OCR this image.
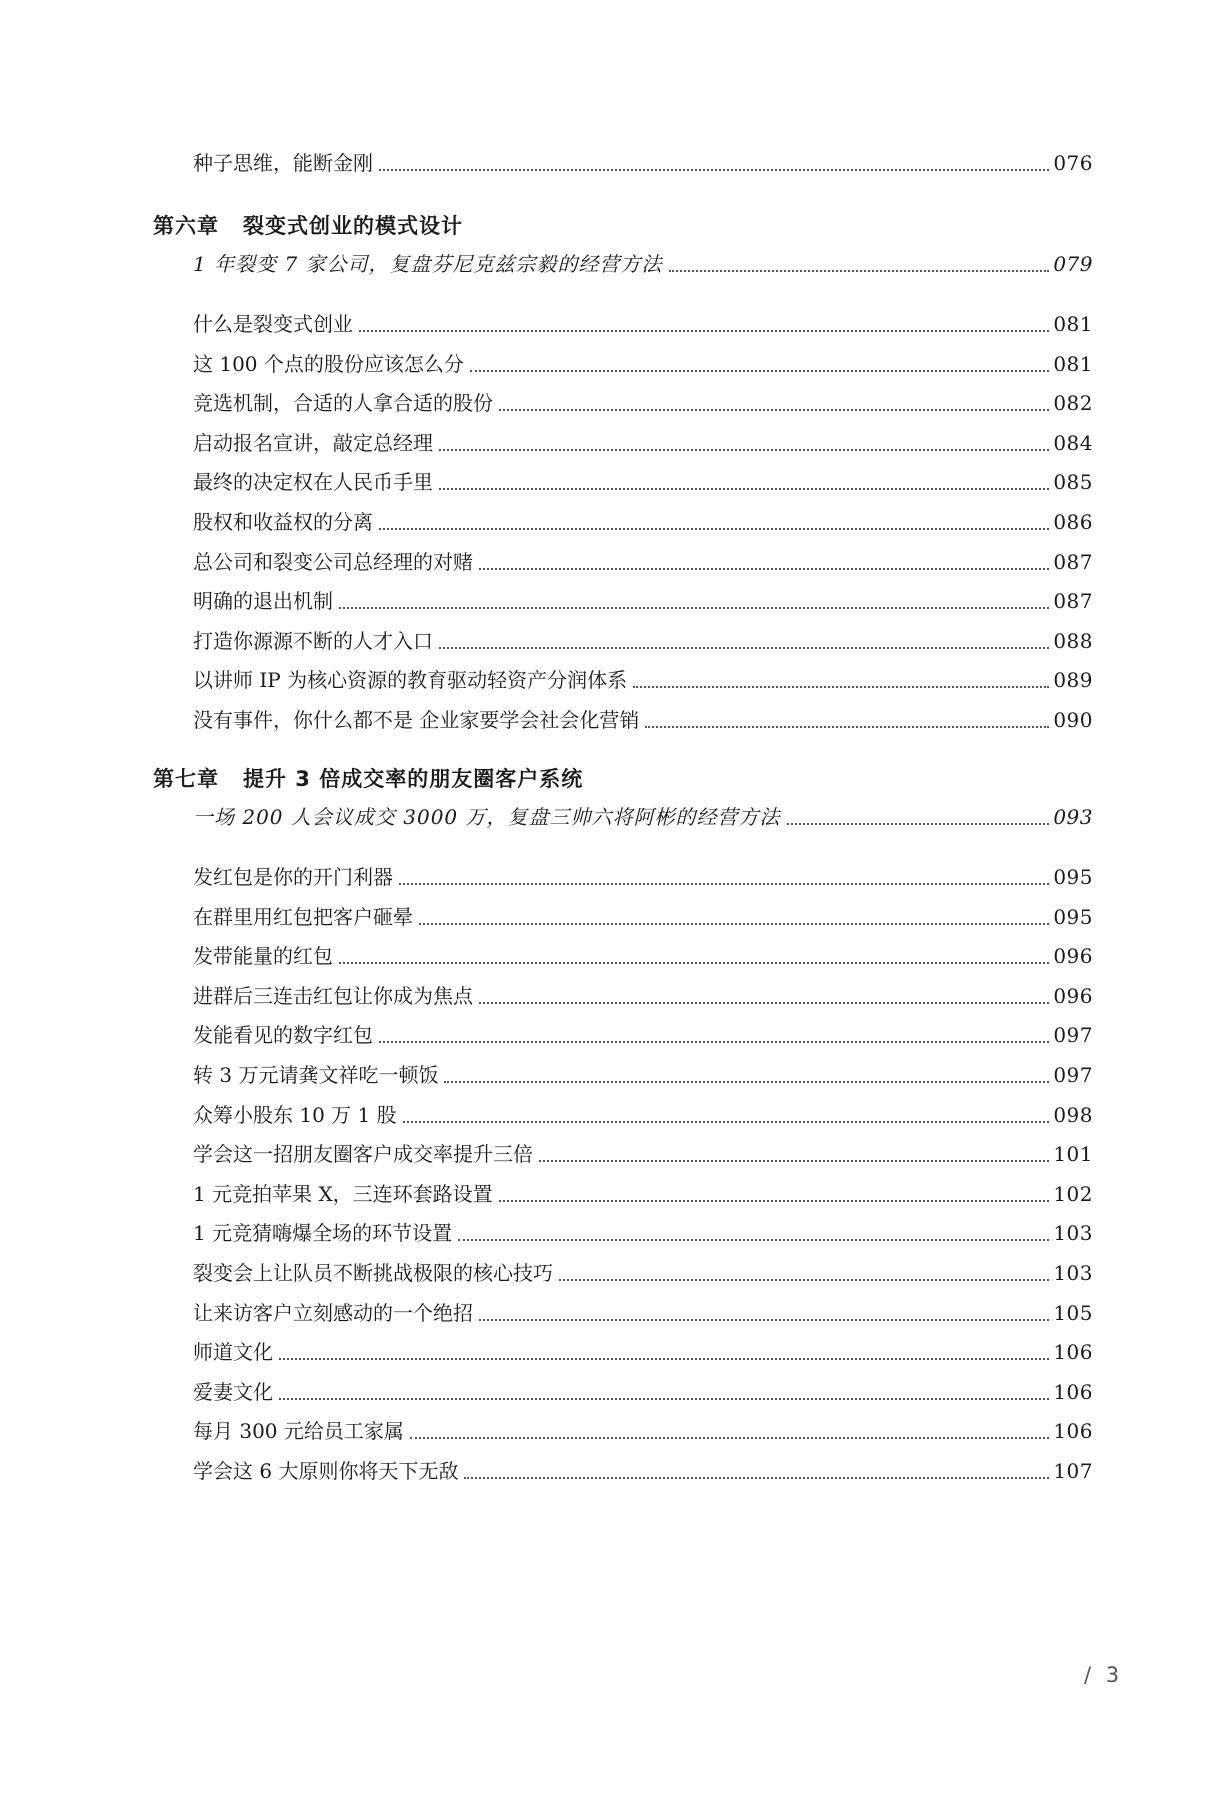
种子思维，能断金刚	076
第六章 裂变式创业的模式设计
1 年裂变 7 家公司，复盘芬尼克兹宗毅的经营方法	079
什么是裂变式创业	081
这 100 个点的股份应该怎么分	081
竞选机制，合适的人拿合适的股份	082
启动报名宣讲，敲定总经理	084
最终的决定权在人民币手里	085
股权和收益权的分离	086
总公司和裂变公司总经理的对赌	087
明确的退出机制	087
打造你源源不断的人才入口	088
以讲师 IP 为核心资源的教育驱动轻资产分润体系	089
没有事件，你什么都不是 企业家要学会社会化营销	090
第七章 提升 3 倍成交率的朋友圈客户系统
一场 200 人会议成交 3000 万，复盘三帅六将阿彬的经营方法	093
发红包是你的开门利器	095
在群里用红包把客户砸晕	095
发带能量的红包	096
进群后三连击红包让你成为焦点	096
发能看见的数字红包	097
转 3 万元请龚文祥吃一顿饭	097
众筹小股东 10 万 1 股	098
学会这一招朋友圈客户成交率提升三倍	101
1 元竞拍苹果 X，三连环套路设置	102
1 元竞猜嗨爆全场的环节设置	103
裂变会上让队员不断挑战极限的核心技巧	103
让来访客户立刻感动的一个绝招	105
师道文化	106
爱妻文化	106
每月 300 元给员工家属	106
学会这 6 大原则你将天下无敌	107
/ 3
